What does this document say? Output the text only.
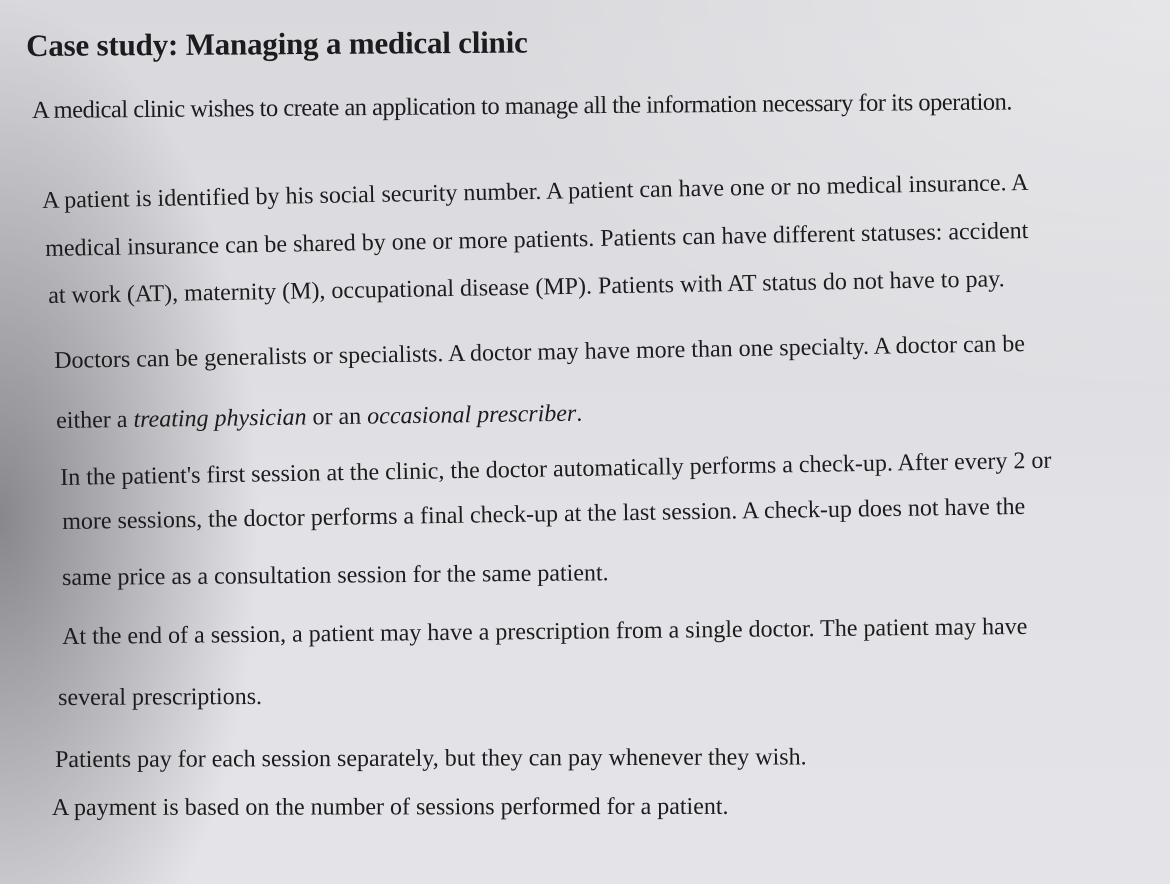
Case study: Managing a medical clinic

A medical clinic wishes to create an application to manage all the information necessary for its operation.

A patient is identified by his social security number. A patient can have one or no medical insurance. A

medical insurance can be shared by one or more patients. Patients can have different statuses: accident

at work (AT), maternity (M), occupational disease (MP). Patients with AT status do not have to pay.

Doctors can be generalists or specialists. A doctor may have more than one specialty. A doctor can be

either a treating physician or an occasional prescriber.

In the patient's first session at the clinic, the doctor automatically performs a check-up. After every 2 or

more sessions, the doctor performs a final check-up at the last session. A check-up does not have the

same price as a consultation session for the same patient.

At the end of a session, a patient may have a prescription from a single doctor. The patient may have

several prescriptions.

Patients pay for each session separately, but they can pay whenever they wish.

A payment is based on the number of sessions performed for a patient.
